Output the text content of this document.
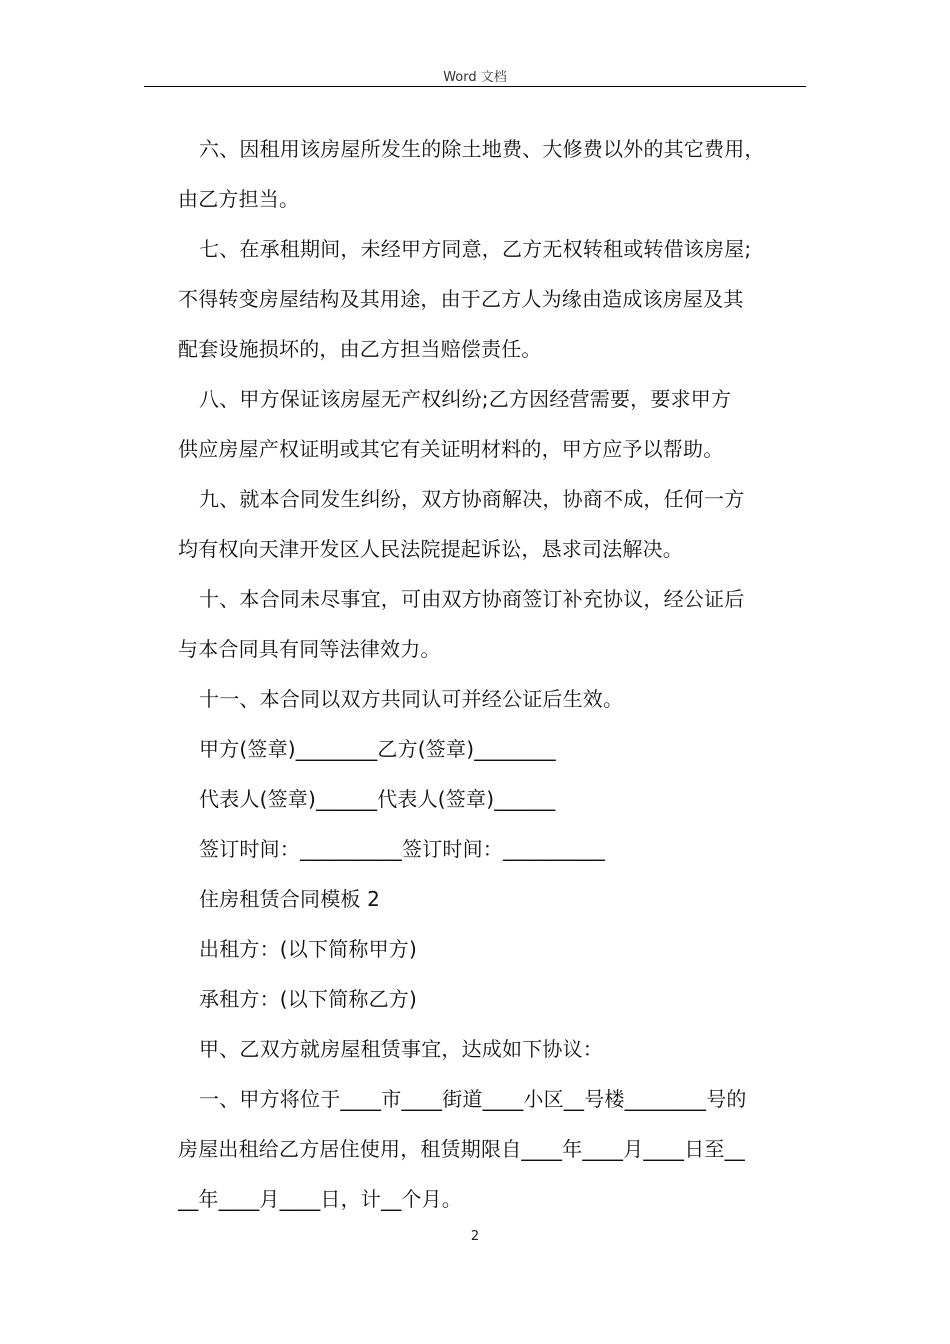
Word 文档
六、因租用该房屋所发生的除土地费、大修费以外的其它费用，
由乙方担当。
七、在承租期间，未经甲方同意，乙方无权转租或转借该房屋;
不得转变房屋结构及其用途，由于乙方人为缘由造成该房屋及其
配套设施损坏的，由乙方担当赔偿责任。
八、甲方保证该房屋无产权纠纷;乙方因经营需要，要求甲方
供应房屋产权证明或其它有关证明材料的，甲方应予以帮助。
九、就本合同发生纠纷，双方协商解决，协商不成，任何一方
均有权向天津开发区人民法院提起诉讼，恳求司法解决。
十、本合同未尽事宜，可由双方协商签订补充协议，经公证后
与本合同具有同等法律效力。
十一、本合同以双方共同认可并经公证后生效。
甲方(签章)________乙方(签章)________
代表人(签章)______代表人(签章)______
签订时间：__________签订时间：__________
住房租赁合同模板 2
出租方：(以下简称甲方)
承租方：(以下简称乙方)
甲、乙双方就房屋租赁事宜，达成如下协议：
一、甲方将位于____市____街道____小区__号楼________号的
房屋出租给乙方居住使用，租赁期限自____年____月____日至__
__年____月____日，计__个月。
2
